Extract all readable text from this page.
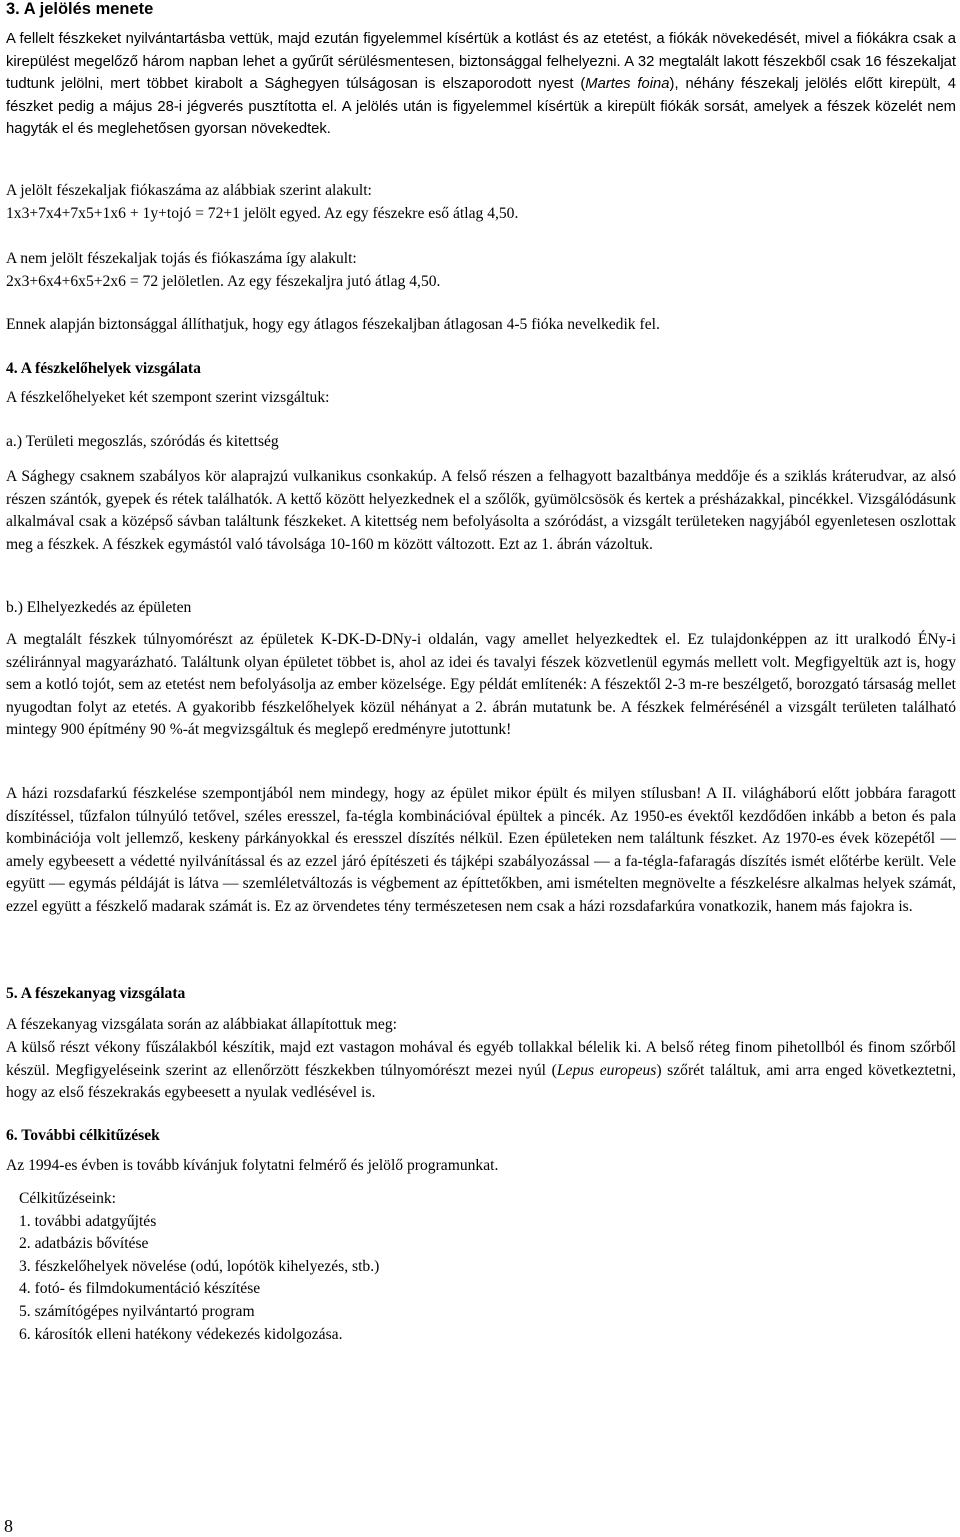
3. A jelölés menete

A fellelt fészkeket nyilvántartásba vettük, majd ezután figyelemmel kísértük a kotlást és az etetést, a fiókák növekedését, mivel a fiókákra csak a kirepülést megelőző három napban lehet a gyűrűt sérülésmentesen, biztonsággal felhelyezni. A 32 megtalált lakott fészekből csak 16 fészekaljat tudtunk jelölni, mert többet kirabolt a Sághegyen túlságosan is elszaporodott nyest (Martes foina), néhány fészekalj jelölés előtt kirepült, 4 fészket pedig a május 28-i jégverés pusztította el. A jelölés után is figyelemmel kísértük a kirepült fiókák sorsát, amelyek a fészek közelét nem hagyták el és meglehetősen gyorsan növekedtek.

A jelölt fészekaljak fiókaszáma az alábbiak szerint alakult:
1x3+7x4+7x5+1x6 + 1y+tojó = 72+1 jelölt egyed. Az egy fészekre eső átlag 4,50.
A nem jelölt fészekaljak tojás és fiókaszáma így alakult:
2x3+6x4+6x5+2x6 = 72 jelöletlen. Az egy fészekaljra jutó átlag 4,50.
Ennek alapján biztonsággal állíthatjuk, hogy egy átlagos fészekaljban átlagosan 4-5 fióka nevelkedik fel.
4. A fészkelőhelyek vizsgálata
A fészkelőhelyeket két szempont szerint vizsgáltuk:
a.) Területi megoszlás, szóródás és kitettség

A Sághegy csaknem szabályos kör alaprajzú vulkanikus csonkakúp. A felső részen a felhagyott bazaltbánya meddője és a sziklás kráterudvar, az alsó részen szántók, gyepek és rétek találhatók. A kettő között helyezkednek el a szőlők, gyümölcsösök és kertek a présházakkal, pincékkel. Vizsgálódásunk alkalmával csak a középső sávban találtunk fészkeket. A kitettség nem befolyásolta a szóródást, a vizsgált területeken nagyjából egyenletesen oszlottak meg a fészkek. A fészkek egymástól való távolsága 10-160 m között változott. Ezt az 1. ábrán vázoltuk.

b.) Elhelyezkedés az épületen

A megtalált fészkek túlnyomórészt az épületek K-DK-D-DNy-i oldalán, vagy amellet helyezkedtek el. Ez tulajdonképpen az itt uralkodó ÉNy-i széliránnyal magyarázható. Találtunk olyan épületet többet is, ahol az idei és tavalyi fészek közvetlenül egymás mellett volt. Megfigyeltük azt is, hogy sem a kotló tojót, sem az etetést nem befolyásolja az ember közelsége. Egy példát említenék: A fészektől 2-3 m-re beszélgető, borozgató társaság mellet nyugodtan folyt az etetés. A gyakoribb fészkelőhelyek közül néhányat a 2. ábrán mutatunk be. A fészkek felmérésénél a vizsgált területen található mintegy 900 építmény 90 %-át megvizsgáltuk és meglepő eredményre jutottunk!

A házi rozsdafarkú fészkelése szempontjából nem mindegy, hogy az épület mikor épült és milyen stílusban! A II. világháború előtt jobbára faragott díszítéssel, tűzfalon túlnyúló tetővel, széles eresszel, fa-tégla kombinációval épültek a pincék. Az 1950-es évektől kezdődően inkább a beton és pala kombinációja volt jellemző, keskeny párkányokkal és eresszel díszítés nélkül. Ezen épületeken nem találtunk fészket. Az 1970-es évek közepétől — amely egybeesett a védetté nyilvánítással és az ezzel járó építészeti és tájképi szabályozással — a fa-tégla-fafaragás díszítés ismét előtérbe került. Vele együtt — egymás példáját is látva — szemléletváltozás is végbement az építtetőkben, ami ismételten megnövelte a fészkelésre alkalmas helyek számát, ezzel együtt a fészkelő madarak számát is. Ez az örvendetes tény természetesen nem csak a házi rozsdafarkúra vonatkozik, hanem más fajokra is.

5. A fészekanyag vizsgálata
A fészekanyag vizsgálata során az alábbiakat állapítottuk meg:

A külső részt vékony fűszálakból készítik, majd ezt vastagon mohával és egyéb tollakkal bélelik ki. A belső réteg finom pihetollból és finom szőrből készül. Megfigyeléseink szerint az ellenőrzött fészkekben túlnyomórészt mezei nyúl (Lepus europeus) szőrét találtuk, ami arra enged következtetni, hogy az első fészekrakás egybeesett a nyulak vedlésével is.

6. További célkitűzések
Az 1994-es évben is tovább kívánjuk folytatni felmérő és jelölő programunkat.
Célkitűzéseink:
1. további adatgyűjtés
2. adatbázis bővítése
3. fészkelőhelyek növelése (odú, lopótök kihelyezés, stb.)
4. fotó- és filmdokumentáció készítése
5. számítógépes nyilvántartó program
6. károsítók elleni hatékony védekezés kidolgozása.
8
